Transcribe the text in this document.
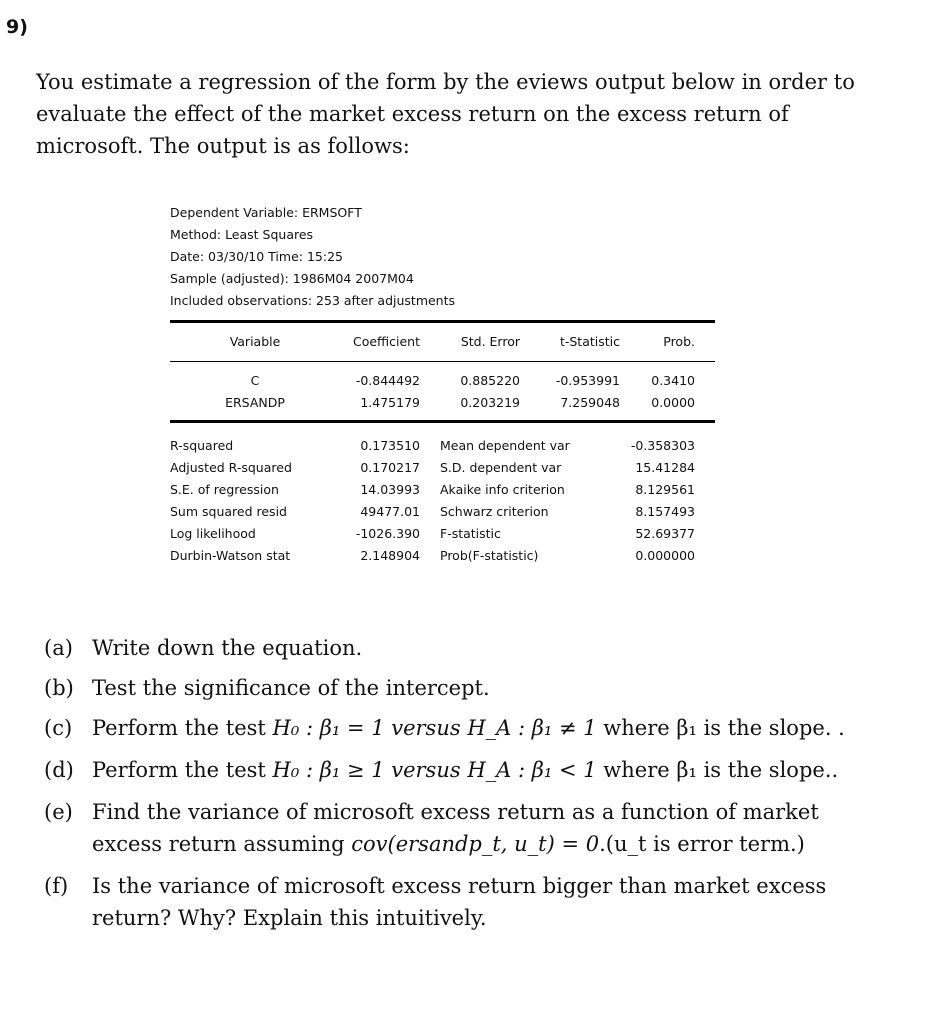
9)

You estimate a regression of the form by the eviews output below in order to evaluate the effect of the market excess return on the excess return of microsoft. The output is as follows:

Dependent Variable: ERMSOFT
Method: Least Squares
Date: 03/30/10 Time: 15:25
Sample (adjusted): 1986M04 2007M04
Included observations: 253 after adjustments
Variable	Coefficient	Std. Error	t-Statistic	Prob.
C	-0.844492	0.885220	-0.953991	0.3410
ERSANDP	1.475179	0.203219	7.259048	0.0000
R-squared	0.173510 Mean dependent var	-0.358303
Adjusted R-squared	0.170217 S.D. dependent var	15.41284
S.E. of regression	14.03993 Akaike info criterion	8.129561
Sum squared resid	49477.01 Schwarz criterion	8.157493
Log likelihood	-1026.390 F-statistic	52.69377
Durbin-Watson stat	2.148904 Prob(F-statistic)	0.000000
(a) Write down the equation.
(b) Test the significance of the intercept.
(c) Perform the test H₀ : β₁ = 1 versus H_A : β₁ ≠ 1 where β₁ is the slope. .
(d) Perform the test H₀ : β₁ ≥ 1 versus H_A : β₁ < 1 where β₁ is the slope..
(e) Find the variance of microsoft excess return as a function of market excess return assuming cov(ersandp_t, u_t) = 0.(u_t is error term.)
(f) Is the variance of microsoft excess return bigger than market excess return? Why? Explain this intuitively.
